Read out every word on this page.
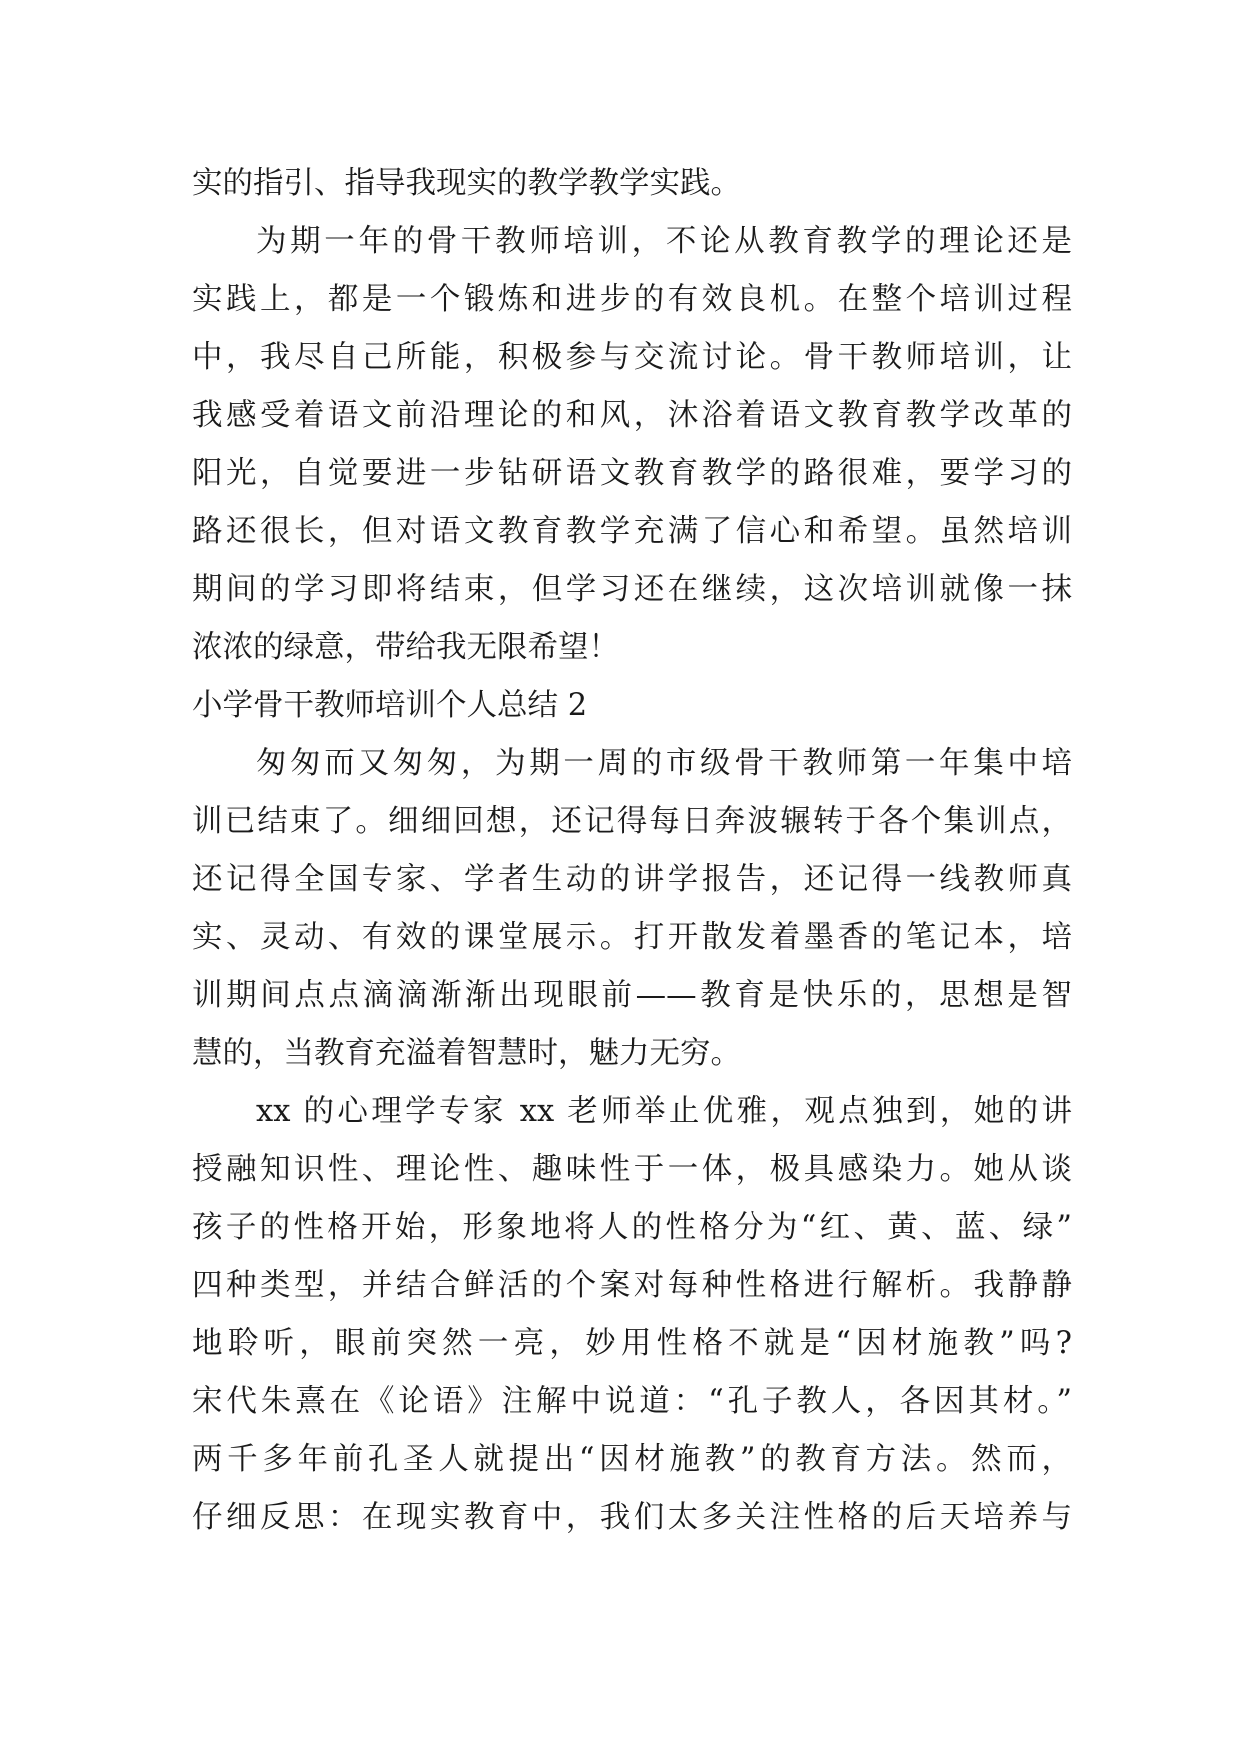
实的指引、指导我现实的教学教学实践。
为期一年的骨干教师培训，不论从教育教学的理论还是
实践上，都是一个锻炼和进步的有效良机。在整个培训过程
中，我尽自己所能，积极参与交流讨论。骨干教师培训，让
我感受着语文前沿理论的和风，沐浴着语文教育教学改革的
阳光，自觉要进一步钻研语文教育教学的路很难，要学习的
路还很长，但对语文教育教学充满了信心和希望。虽然培训
期间的学习即将结束，但学习还在继续，这次培训就像一抹
浓浓的绿意，带给我无限希望！
小学骨干教师培训个人总结 2
匆匆而又匆匆，为期一周的市级骨干教师第一年集中培
训已结束了。细细回想，还记得每日奔波辗转于各个集训点，
还记得全国专家、学者生动的讲学报告，还记得一线教师真
实、灵动、有效的课堂展示。打开散发着墨香的笔记本，培
训期间点点滴滴渐渐出现眼前——教育是快乐的，思想是智
慧的，当教育充溢着智慧时，魅力无穷。
xx 的心理学专家 xx 老师举止优雅，观点独到，她的讲
授融知识性、理论性、趣味性于一体，极具感染力。她从谈
孩子的性格开始，形象地将人的性格分为“红、黄、蓝、绿”
四种类型，并结合鲜活的个案对每种性格进行解析。我静静
地聆听，眼前突然一亮，妙用性格不就是“因材施教”吗?
宋代朱熹在《论语》注解中说道：“孔子教人，各因其材。”
两千多年前孔圣人就提出“因材施教”的教育方法。然而，
仔细反思：在现实教育中，我们太多关注性格的后天培养与
